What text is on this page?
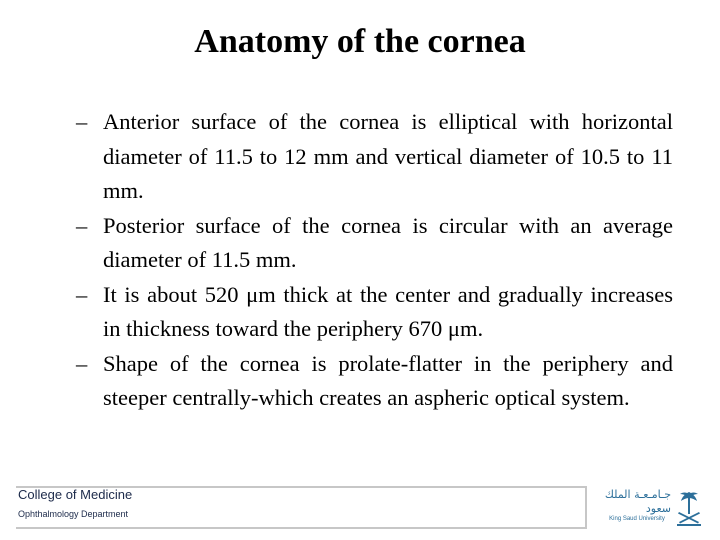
Anatomy of the cornea
– Anterior surface of the cornea is elliptical with horizontal diameter of 11.5 to 12 mm and vertical diameter of 10.5 to 11 mm.
– Posterior surface of the cornea is circular with an average diameter of 11.5 mm.
– It is about 520 μm thick at the center and gradually increases in thickness toward the periphery 670 μm.
– Shape of the cornea is prolate-flatter in the periphery and steeper centrally-which creates an aspheric optical system.
College of Medicine
Ophthalmology Department
جـامـعـة الملك سعود
King Saud University
